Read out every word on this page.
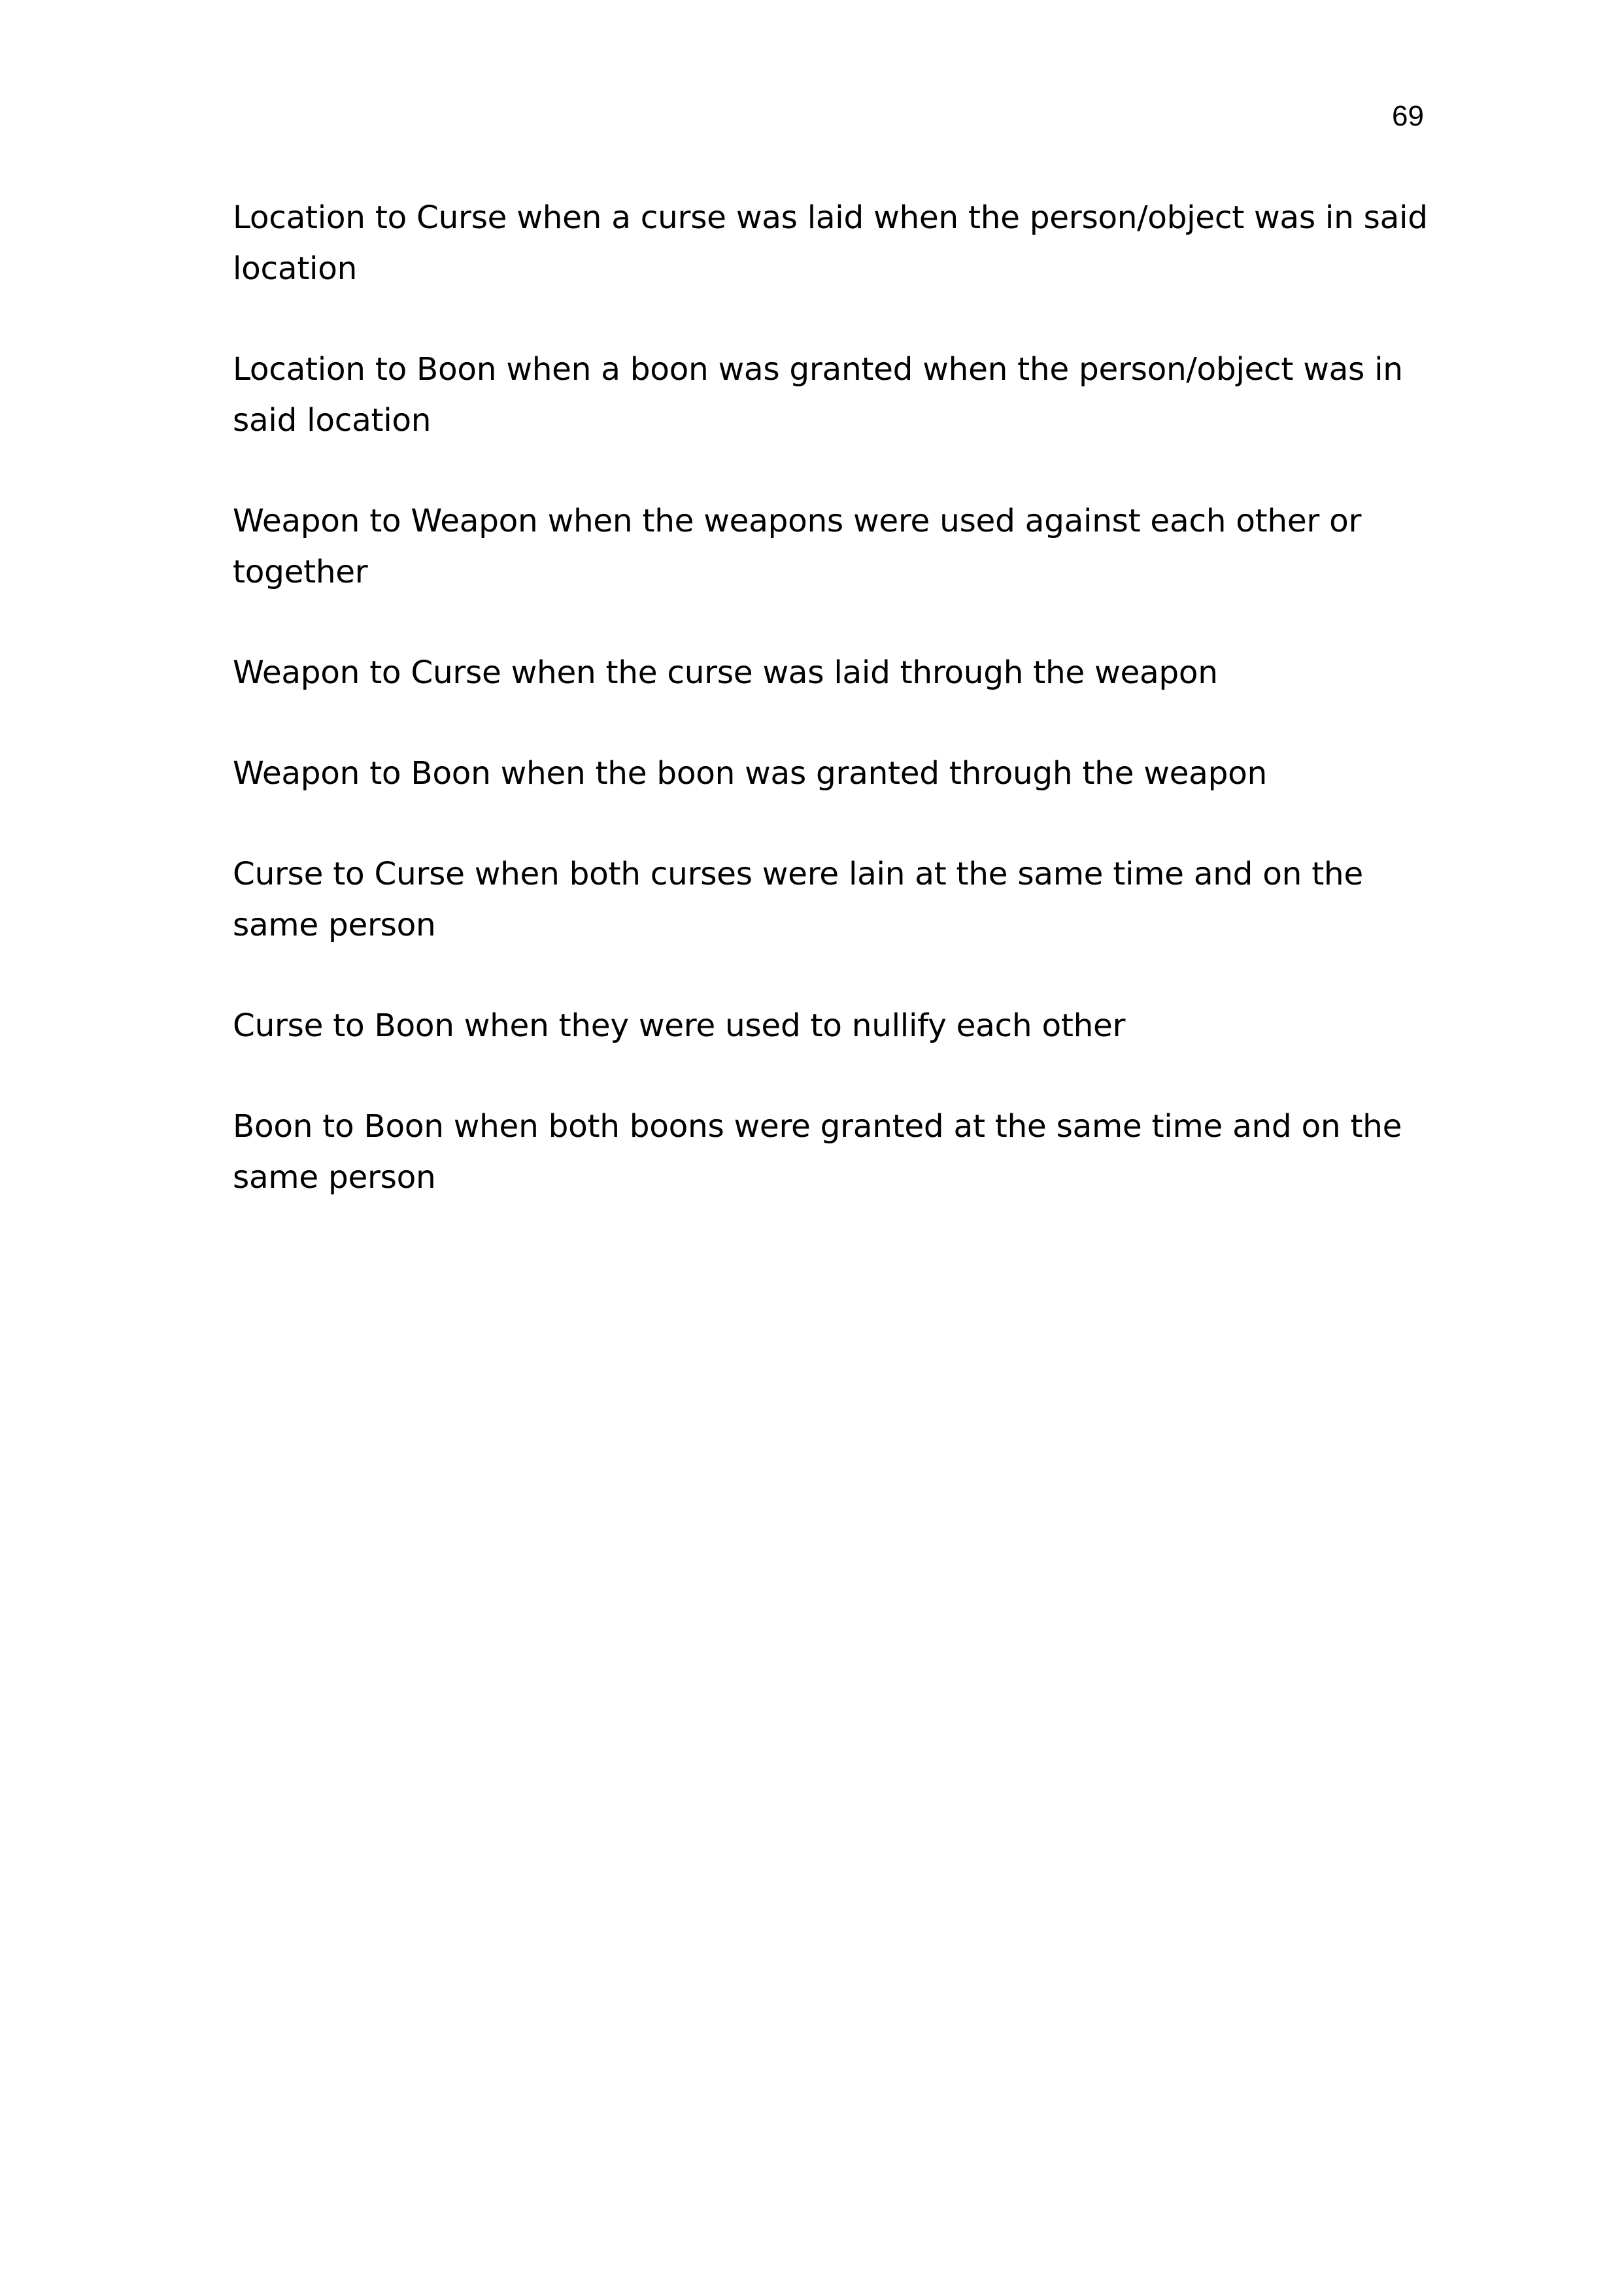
69

Location to Curse when a curse was laid when the person/object was in said location

Location to Boon when a boon was granted when the person/object was in said location

Weapon to Weapon when the weapons were used against each other or together

Weapon to Curse when the curse was laid through the weapon

Weapon to Boon when the boon was granted through the weapon

Curse to Curse when both curses were lain at the same time and on the same person

Curse to Boon when they were used to nullify each other

Boon to Boon when both boons were granted at the same time and on the same person
